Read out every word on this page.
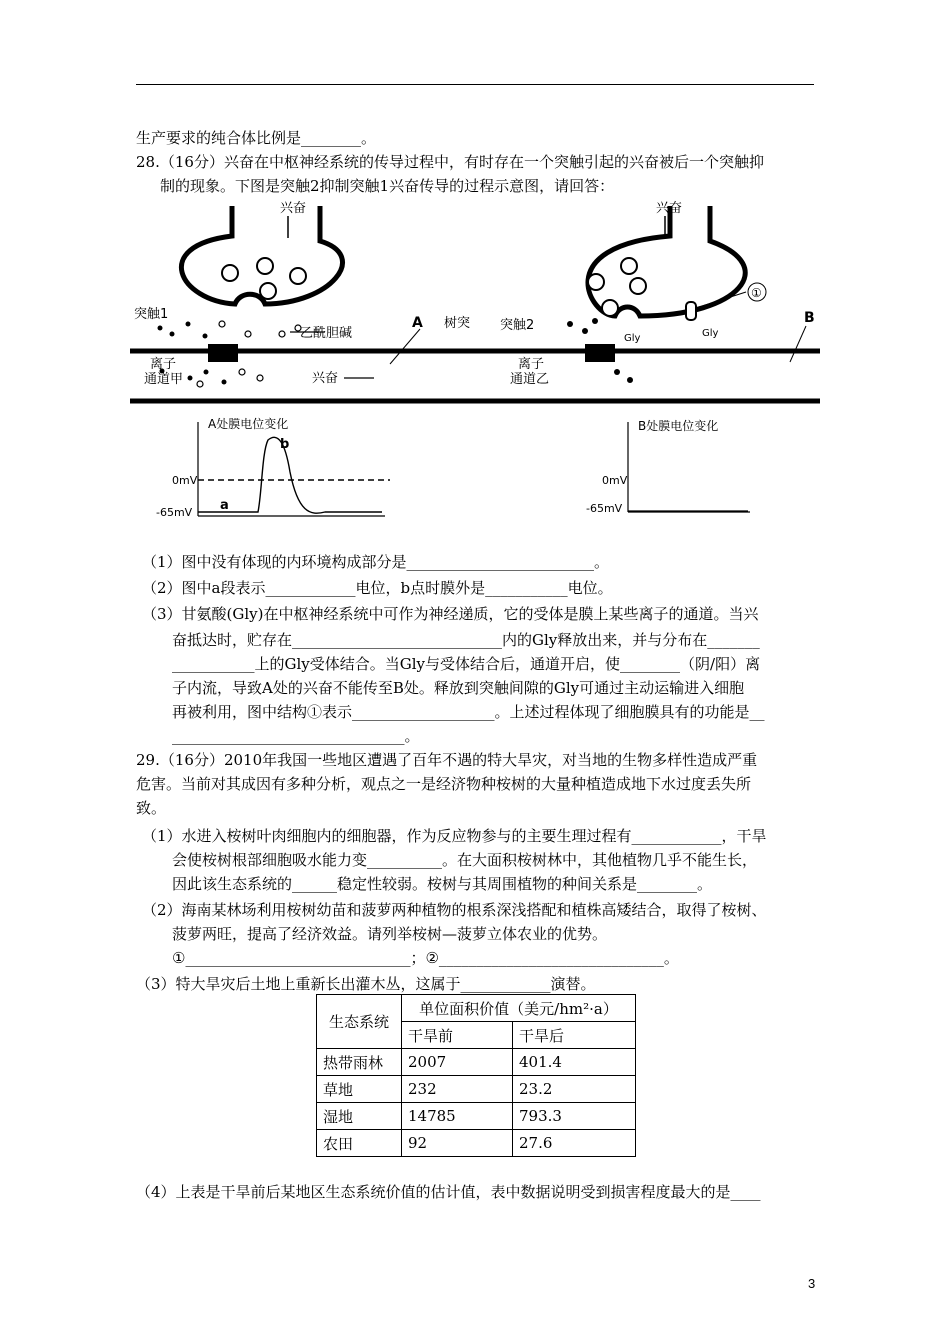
生产要求的纯合体比例是________。
28.（16分）兴奋在中枢神经系统的传导过程中，有时存在一个突触引起的兴奋被后一个突触抑
制的现象。下图是突触2抑制突触1兴奋传导的过程示意图，请回答：
①
兴奋	兴奋
突触1
突触2
乙酰胆碱
A 树突
离子
通道甲
离子
通道乙
兴奋
Gly	Gly
B
A处膜电位变化
0mV
-65mV a
b
B处膜电位变化
0mV
-65mV
（1）图中没有体现的内环境构成部分是_________________________。
（2）图中a段表示____________电位，b点时膜外是___________电位。
（3）甘氨酸(Gly)在中枢神经系统中可作为神经递质，它的受体是膜上某些离子的通道。当兴
奋抵达时，贮存在____________________________内的Gly释放出来，并与分布在_______
___________上的Gly受体结合。当Gly与受体结合后，通道开启，使________（阴/阳）离
子内流，导致A处的兴奋不能传至B处。释放到突触间隙的Gly可通过主动运输进入细胞
再被利用，图中结构①表示___________________。上述过程体现了细胞膜具有的功能是__
_______________________________。
29.（16分）2010年我国一些地区遭遇了百年不遇的特大旱灾，对当地的生物多样性造成严重
危害。当前对其成因有多种分析，观点之一是经济物种桉树的大量种植造成地下水过度丢失所
致。
（1）水进入桉树叶肉细胞内的细胞器，作为反应物参与的主要生理过程有____________，干旱
会使桉树根部细胞吸水能力变__________。在大面积桉树林中，其他植物几乎不能生长，
因此该生态系统的______稳定性较弱。桉树与其周围植物的种间关系是________。
（2）海南某林场利用桉树幼苗和菠萝两种植物的根系深浅搭配和植株高矮结合，取得了桉树、
菠萝两旺，提高了经济效益。请列举桉树—菠萝立体农业的优势。
①______________________________；②______________________________。
（3）特大旱灾后土地上重新长出灌木丛，这属于____________演替。
生态系统	单位面积价值（美元/hm²·a）	
	干旱前	干旱后
热带雨林	2007	401.4
草地	232	23.2
湿地	14785	793.3
农田	92	27.6
（4）上表是干旱前后某地区生态系统价值的估计值，表中数据说明受到损害程度最大的是____
3
